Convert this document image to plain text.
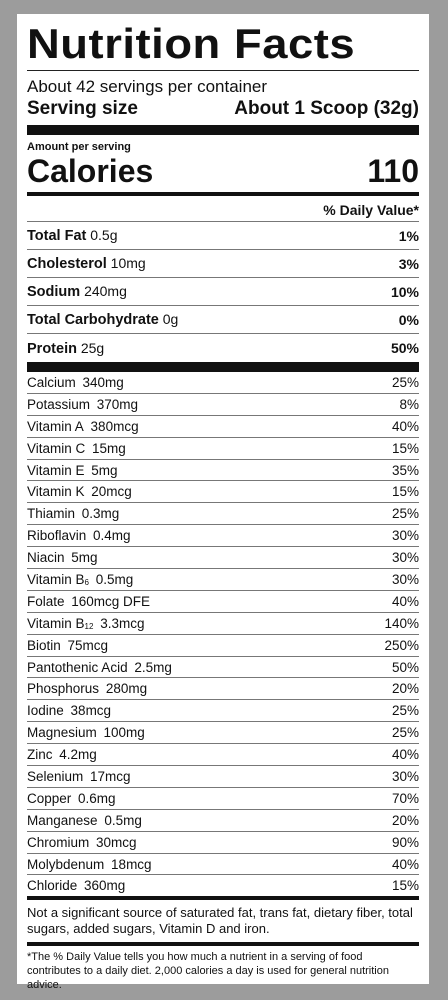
Nutrition Facts
About 42 servings per container
Serving size	About 1 Scoop (32g)
Amount per serving
Calories	110
% Daily Value*
Total Fat 0.5g	1%
Cholesterol 10mg	3%
Sodium 240mg	10%
Total Carbohydrate 0g	0%
Protein 25g	50%
Calcium  340mg	25%
Potassium  370mg	8%
Vitamin A  380mcg	40%
Vitamin C  15mg	15%
Vitamin E  5mg	35%
Vitamin K  20mcg	15%
Thiamin  0.3mg	25%
Riboflavin  0.4mg	30%
Niacin  5mg	30%
Vitamin B6  0.5mg	30%
Folate  160mcg DFE	40%
Vitamin B12  3.3mcg	140%
Biotin  75mcg	250%
Pantothenic Acid  2.5mg	50%
Phosphorus  280mg	20%
Iodine  38mcg	25%
Magnesium  100mg	25%
Zinc  4.2mg	40%
Selenium  17mcg	30%
Copper  0.6mg	70%
Manganese  0.5mg	20%
Chromium  30mcg	90%
Molybdenum  18mcg	40%
Chloride  360mg	15%
Not a significant source of saturated fat, trans fat, dietary fiber, total sugars, added sugars, Vitamin D and iron.
*The % Daily Value tells you how much a nutrient in a serving of food contributes to a daily diet. 2,000 calories a day is used for general nutrition advice.
